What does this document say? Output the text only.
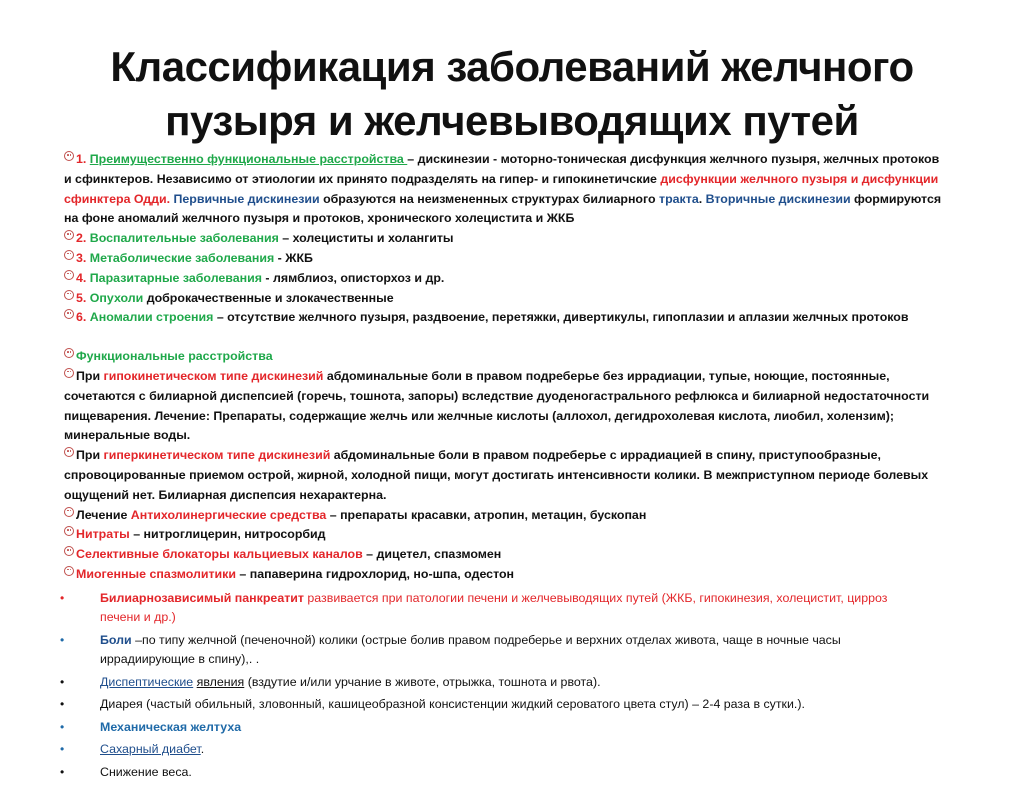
Классификация заболеваний желчного
пузыря и желчевыводящих путей
1. Преимущественно функциональные расстройства – дискинезии - моторно-тоническая дисфункция желчного пузыря, желчных протоков
и сфинктеров. Независимо от этиологии их принято подразделять на гипер- и гипокинетичские дисфункции желчного пузыря и дисфункции
сфинктера Одди. Первичные дискинезии образуются на неизмененных структурах билиарного тракта. Вторичные дискинезии формируются
на фоне аномалий желчного пузыря и протоков, хронического холецистита и ЖКБ
2. Воспалительные заболевания – холециститы и холангиты
3. Метаболические заболевания - ЖКБ
4. Паразитарные заболевания - лямблиоз, описторхоз и др.
5. Опухоли доброкачественные и злокачественные
6. Аномалии строения – отсутствие желчного пузыря, раздвоение, перетяжки, дивертикулы, гипоплазии и аплазии желчных протоков
Функциональные расстройства
При гипокинетическом типе дискинезий абдоминальные боли в правом подреберье без иррадиации, тупые, ноющие, постоянные,
сочетаются с билиарной диспепсией (горечь, тошнота, запоры) вследствие дуоденогастрального рефлюкса и билиарной недостаточности
пищеварения. Лечение: Препараты, содержащие желчь или желчные кислоты (аллохол, дегидрохолевая кислота, лиобил, холензим);
минеральные воды.
При гиперкинетическом типе дискинезий абдоминальные боли в правом подреберье с иррадиацией в спину, приступообразные,
спровоцированные приемом острой, жирной, холодной пищи, могут достигать интенсивности колики. В межприступном периоде болевых
ощущений нет. Билиарная диспепсия нехарактерна.
Лечение Антихолинергические средства – препараты красавки, атропин, метацин, бускопан
Нитраты – нитроглицерин, нитросорбид
Селективные блокаторы кальциевых каналов – дицетел, спазмомен
Миогенные спазмолитики – папаверина гидрохлорид, но-шпа, одестон
•	Билиарнозависимый панкреатит развивается при патологии печени и желчевыводящих путей (ЖКБ, гипокинезия, холецистит, цирроз
печени и др.)
•	Боли –по типу желчной (печеночной) колики (острые болив правом подреберье и верхних отделах живота, чаще в ночные часы
иррадиирующие в спину),. .
•	Диспептические явления (вздутие и/или урчание в животе, отрыжка, тошнота и рвота).
•	Диарея (частый обильный, зловонный, кашицеобразной консистенции жидкий сероватого цвета стул) – 2-4 раза в сутки.).
•	Механическая желтуха
•	Сахарный диабет.
•	Снижение веса.
